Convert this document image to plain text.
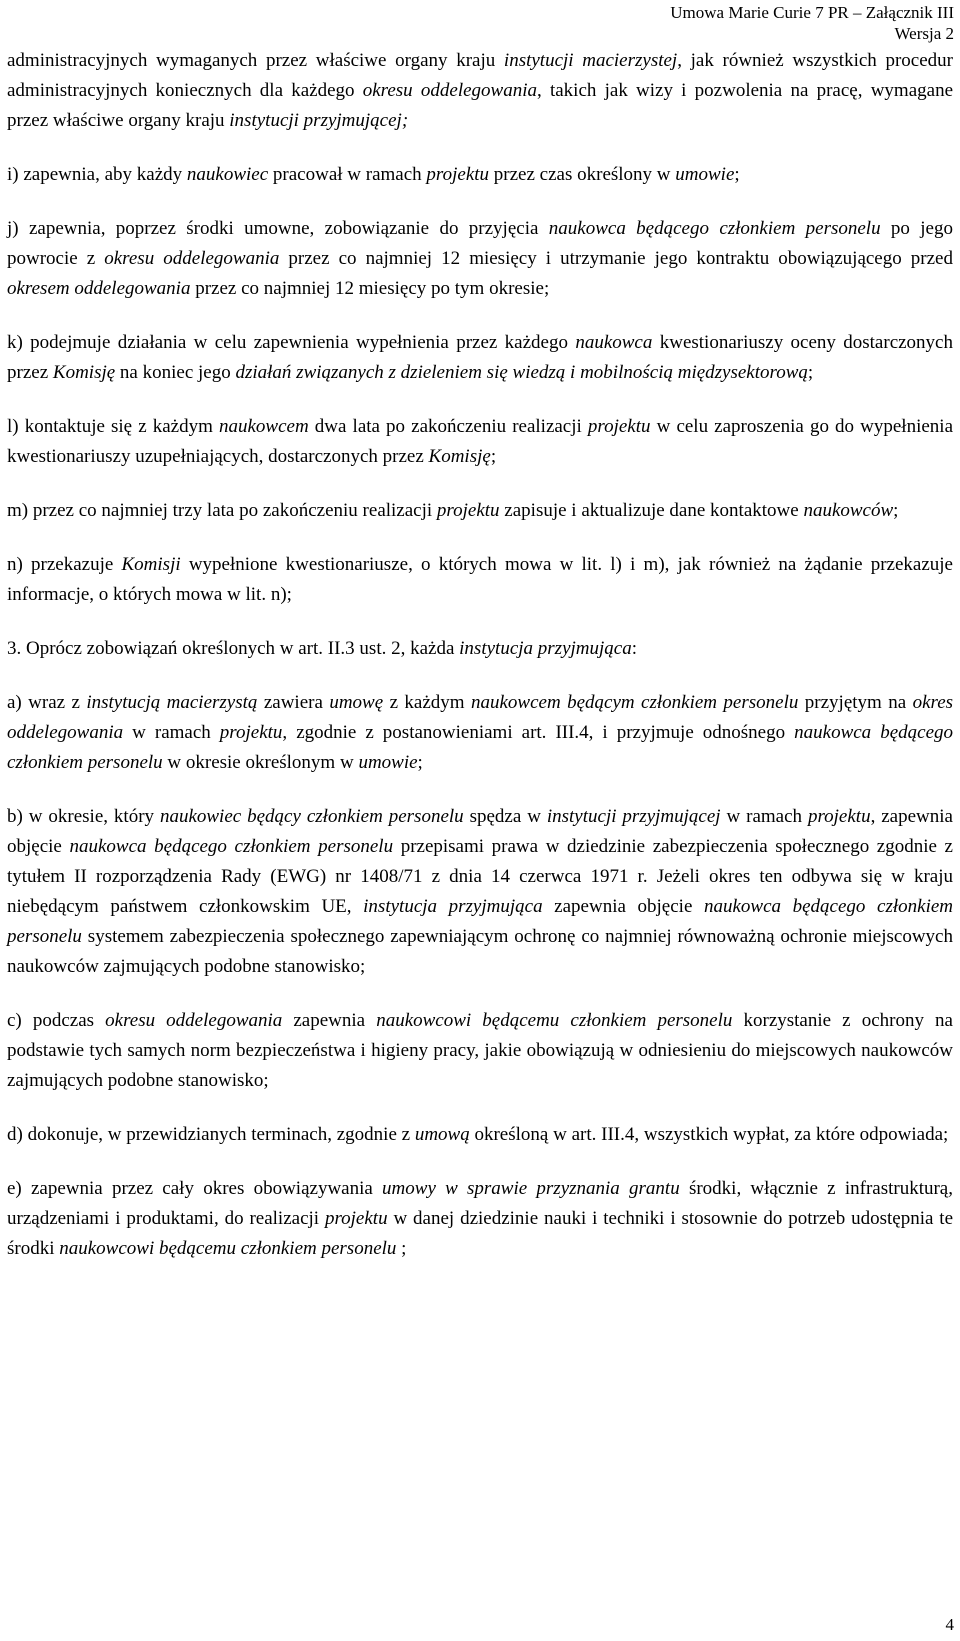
Umowa Marie Curie 7 PR – Załącznik III
Wersja 2

administracyjnych wymaganych przez właściwe organy kraju instytucji macierzystej, jak również wszystkich procedur administracyjnych koniecznych dla każdego okresu oddelegowania, takich jak wizy i pozwolenia na pracę, wymagane przez właściwe organy kraju instytucji przyjmującej;

i) zapewnia, aby każdy naukowiec pracował w ramach projektu przez czas określony w umowie;

j) zapewnia, poprzez środki umowne, zobowiązanie do przyjęcia naukowca będącego członkiem personelu po jego powrocie z okresu oddelegowania przez co najmniej 12 miesięcy i utrzymanie jego kontraktu obowiązującego przed okresem oddelegowania przez co najmniej 12 miesięcy po tym okresie;

k) podejmuje działania w celu zapewnienia wypełnienia przez każdego naukowca kwestionariuszy oceny dostarczonych przez Komisję na koniec jego działań związanych z dzieleniem się wiedzą i mobilnością międzysektorową;

l) kontaktuje się z każdym naukowcem dwa lata po zakończeniu realizacji projektu w celu zaproszenia go do wypełnienia kwestionariuszy uzupełniających, dostarczonych przez Komisję;

m) przez co najmniej trzy lata po zakończeniu realizacji projektu zapisuje i aktualizuje dane kontaktowe naukowców;

n) przekazuje Komisji wypełnione kwestionariusze, o których mowa w lit. l) i m), jak również na żądanie przekazuje informacje, o których mowa w lit. n);

3. Oprócz zobowiązań określonych w art. II.3 ust. 2, każda instytucja przyjmująca:

a) wraz z instytucją macierzystą zawiera umowę z każdym naukowcem będącym członkiem personelu przyjętym na okres oddelegowania w ramach projektu, zgodnie z postanowieniami art. III.4, i przyjmuje odnośnego naukowca będącego członkiem personelu w okresie określonym w umowie;

b) w okresie, który naukowiec będący członkiem personelu spędza w instytucji przyjmującej w ramach projektu, zapewnia objęcie naukowca będącego członkiem personelu przepisami prawa w dziedzinie zabezpieczenia społecznego zgodnie z tytułem II rozporządzenia Rady (EWG) nr 1408/71 z dnia 14 czerwca 1971 r. Jeżeli okres ten odbywa się w kraju niebędącym państwem członkowskim UE, instytucja przyjmująca zapewnia objęcie naukowca będącego członkiem personelu systemem zabezpieczenia społecznego zapewniającym ochronę co najmniej równoważną ochronie miejscowych naukowców zajmujących podobne stanowisko;

c) podczas okresu oddelegowania zapewnia naukowcowi będącemu członkiem personelu korzystanie z ochrony na podstawie tych samych norm bezpieczeństwa i higieny pracy, jakie obowiązują w odniesieniu do miejscowych naukowców zajmujących podobne stanowisko;

d) dokonuje, w przewidzianych terminach, zgodnie z umową określoną w art. III.4, wszystkich wypłat, za które odpowiada;

e) zapewnia przez cały okres obowiązywania umowy w sprawie przyznania grantu środki, włącznie z infrastrukturą, urządzeniami i produktami, do realizacji projektu w danej dziedzinie nauki i techniki i stosownie do potrzeb udostępnia te środki naukowcowi będącemu członkiem personelu ;

4
